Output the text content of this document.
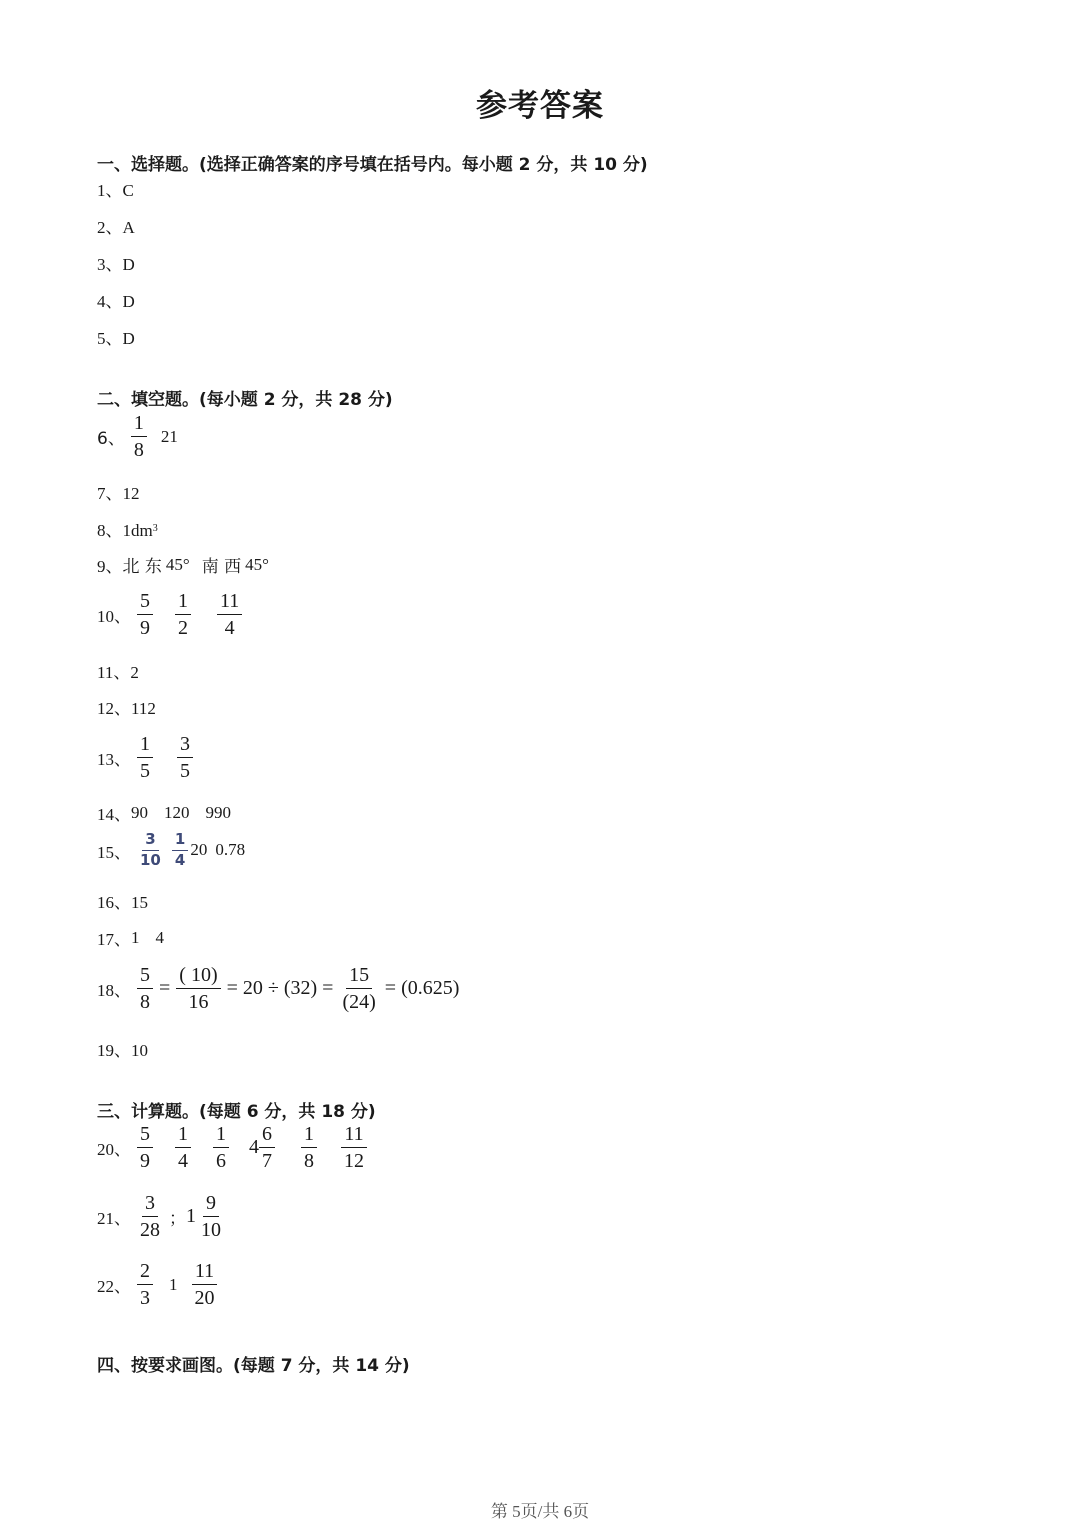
参考答案
一、选择题。(选择正确答案的序号填在括号内。每小题 2 分，共 10 分)
1、C
2、A
3、D
4、D
5、D
二、填空题。(每小题 2 分，共 28 分)
6、 $\frac{1}{8} 21$
7、12
8、1dm 3
9、 北 东 45° 南 西 45°
10、 $\frac{5}{9} \frac{1}{2} \frac{11}{4}$
11、2
12、112
13、 $\frac{1}{5} \frac{3}{5}$
14、 90 120 990
15、 $\frac{3}{10} \frac{1}{4} 20$ 0.78
16、15
17、 1 4
18、 $\frac{5}{8} = \frac{( 10)}{16} = 20 \div (32) = \frac{15}{(24)} = (0.625)$
19、10
三、计算题。(每题 6 分，共 18 分)
20、 $\frac{5}{9} \frac{1}{4} \frac{1}{6} 4 \frac{6}{7} \frac{1}{8} \frac{11}{12}$
21、 $\frac{3}{28}$ ； $1 \frac{9}{10}$
22、 $\frac{2}{3} 1 \frac{11}{20}$
四、按要求画图。(每题 7 分，共 14 分)
第 5页/共 6页
